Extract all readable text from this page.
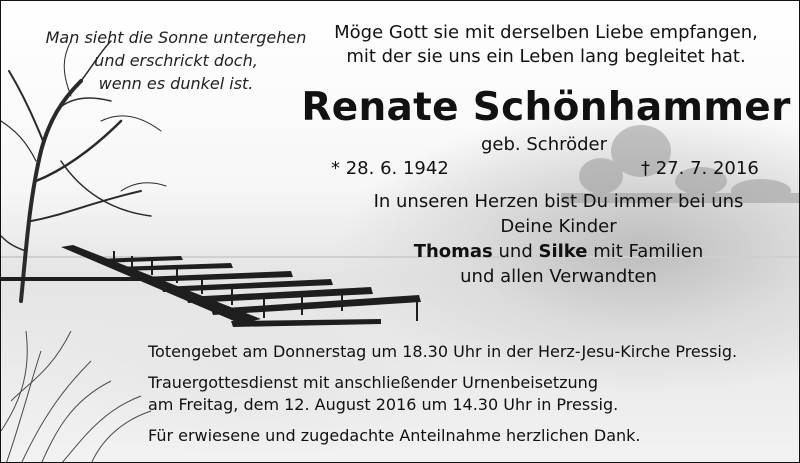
Man sieht die Sonne untergehen
und erschrickt doch,
wenn es dunkel ist.
Möge Gott sie mit derselben Liebe empfangen,
mit der sie uns ein Leben lang begleitet hat.
Renate Schönhammer
geb. Schröder
* 28. 6. 1942	† 27. 7. 2016
In unseren Herzen bist Du immer bei uns
Deine Kinder
Thomas und Silke mit Familien
und allen Verwandten
Totengebet am Donnerstag um 18.30 Uhr in der Herz-Jesu-Kirche Pressig.
Trauergottesdienst mit anschließender Urnenbeisetzung
am Freitag, dem 12. August 2016 um 14.30 Uhr in Pressig.
Für erwiesene und zugedachte Anteilnahme herzlichen Dank.
